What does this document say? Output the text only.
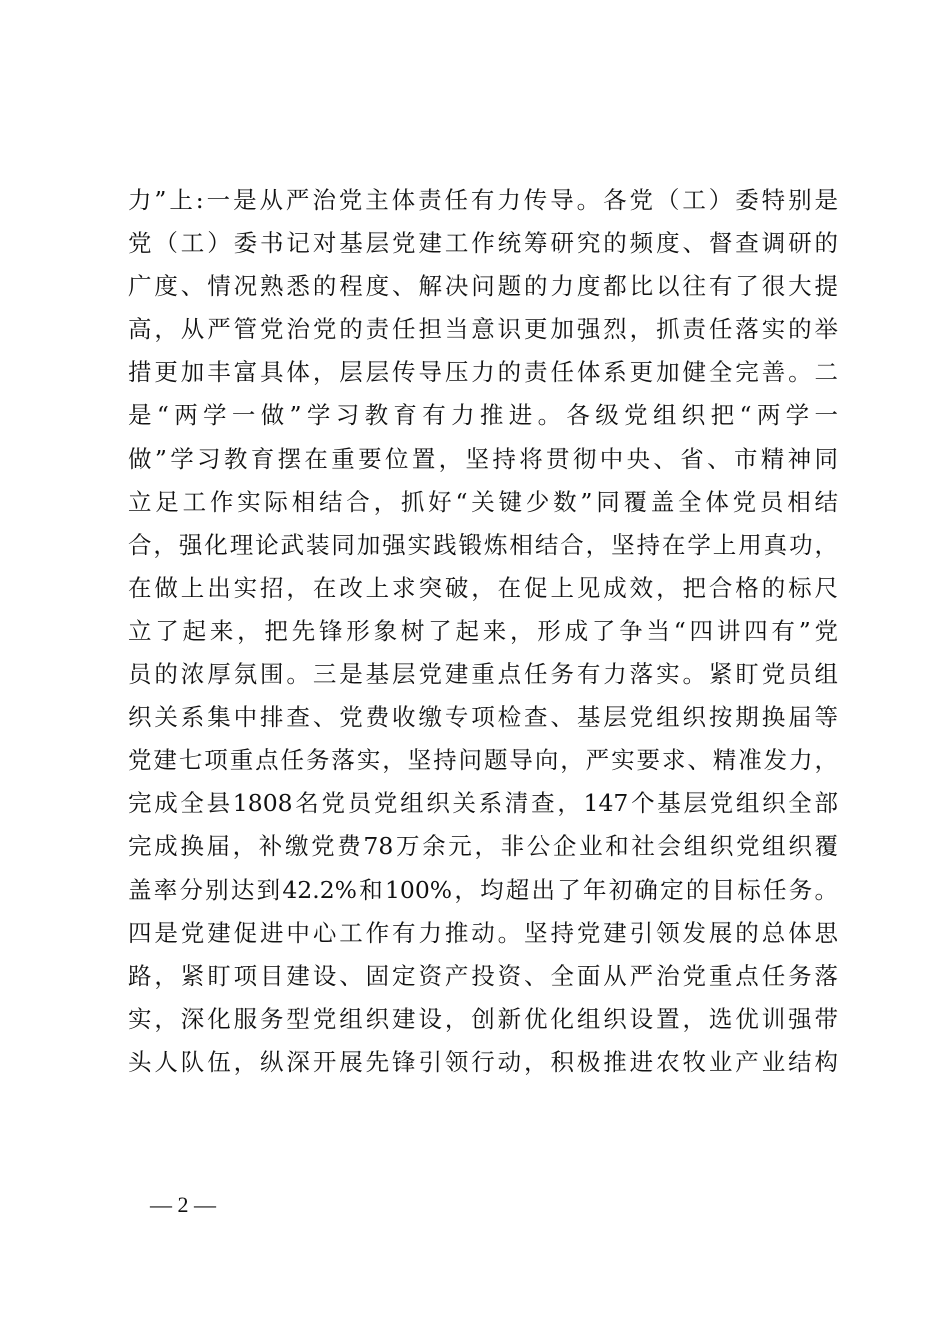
力”上:一是从严治党主体责任有力传导。各党（工）委特别是
党（工）委书记对基层党建工作统筹研究的频度、督查调研的
广度、情况熟悉的程度、解决问题的力度都比以往有了很大提
高，从严管党治党的责任担当意识更加强烈，抓责任落实的举
措更加丰富具体，层层传导压力的责任体系更加健全完善。二
是“两学一做”学习教育有力推进。各级党组织把“两学一
做”学习教育摆在重要位置，坚持将贯彻中央、省、市精神同
立足工作实际相结合，抓好“关键少数”同覆盖全体党员相结
合，强化理论武装同加强实践锻炼相结合，坚持在学上用真功，
在做上出实招，在改上求突破，在促上见成效，把合格的标尺
立了起来，把先锋形象树了起来，形成了争当“四讲四有”党
员的浓厚氛围。三是基层党建重点任务有力落实。紧盯党员组
织关系集中排查、党费收缴专项检查、基层党组织按期换届等
党建七项重点任务落实，坚持问题导向，严实要求、精准发力，
完成全县1808名党员党组织关系清查，147个基层党组织全部
完成换届，补缴党费78万余元，非公企业和社会组织党组织覆
盖率分别达到42.2%和100%，均超出了年初确定的目标任务。
四是党建促进中心工作有力推动。坚持党建引领发展的总体思
路，紧盯项目建设、固定资产投资、全面从严治党重点任务落
实，深化服务型党组织建设，创新优化组织设置，选优训强带
头人队伍，纵深开展先锋引领行动，积极推进农牧业产业结构
— 2 —
